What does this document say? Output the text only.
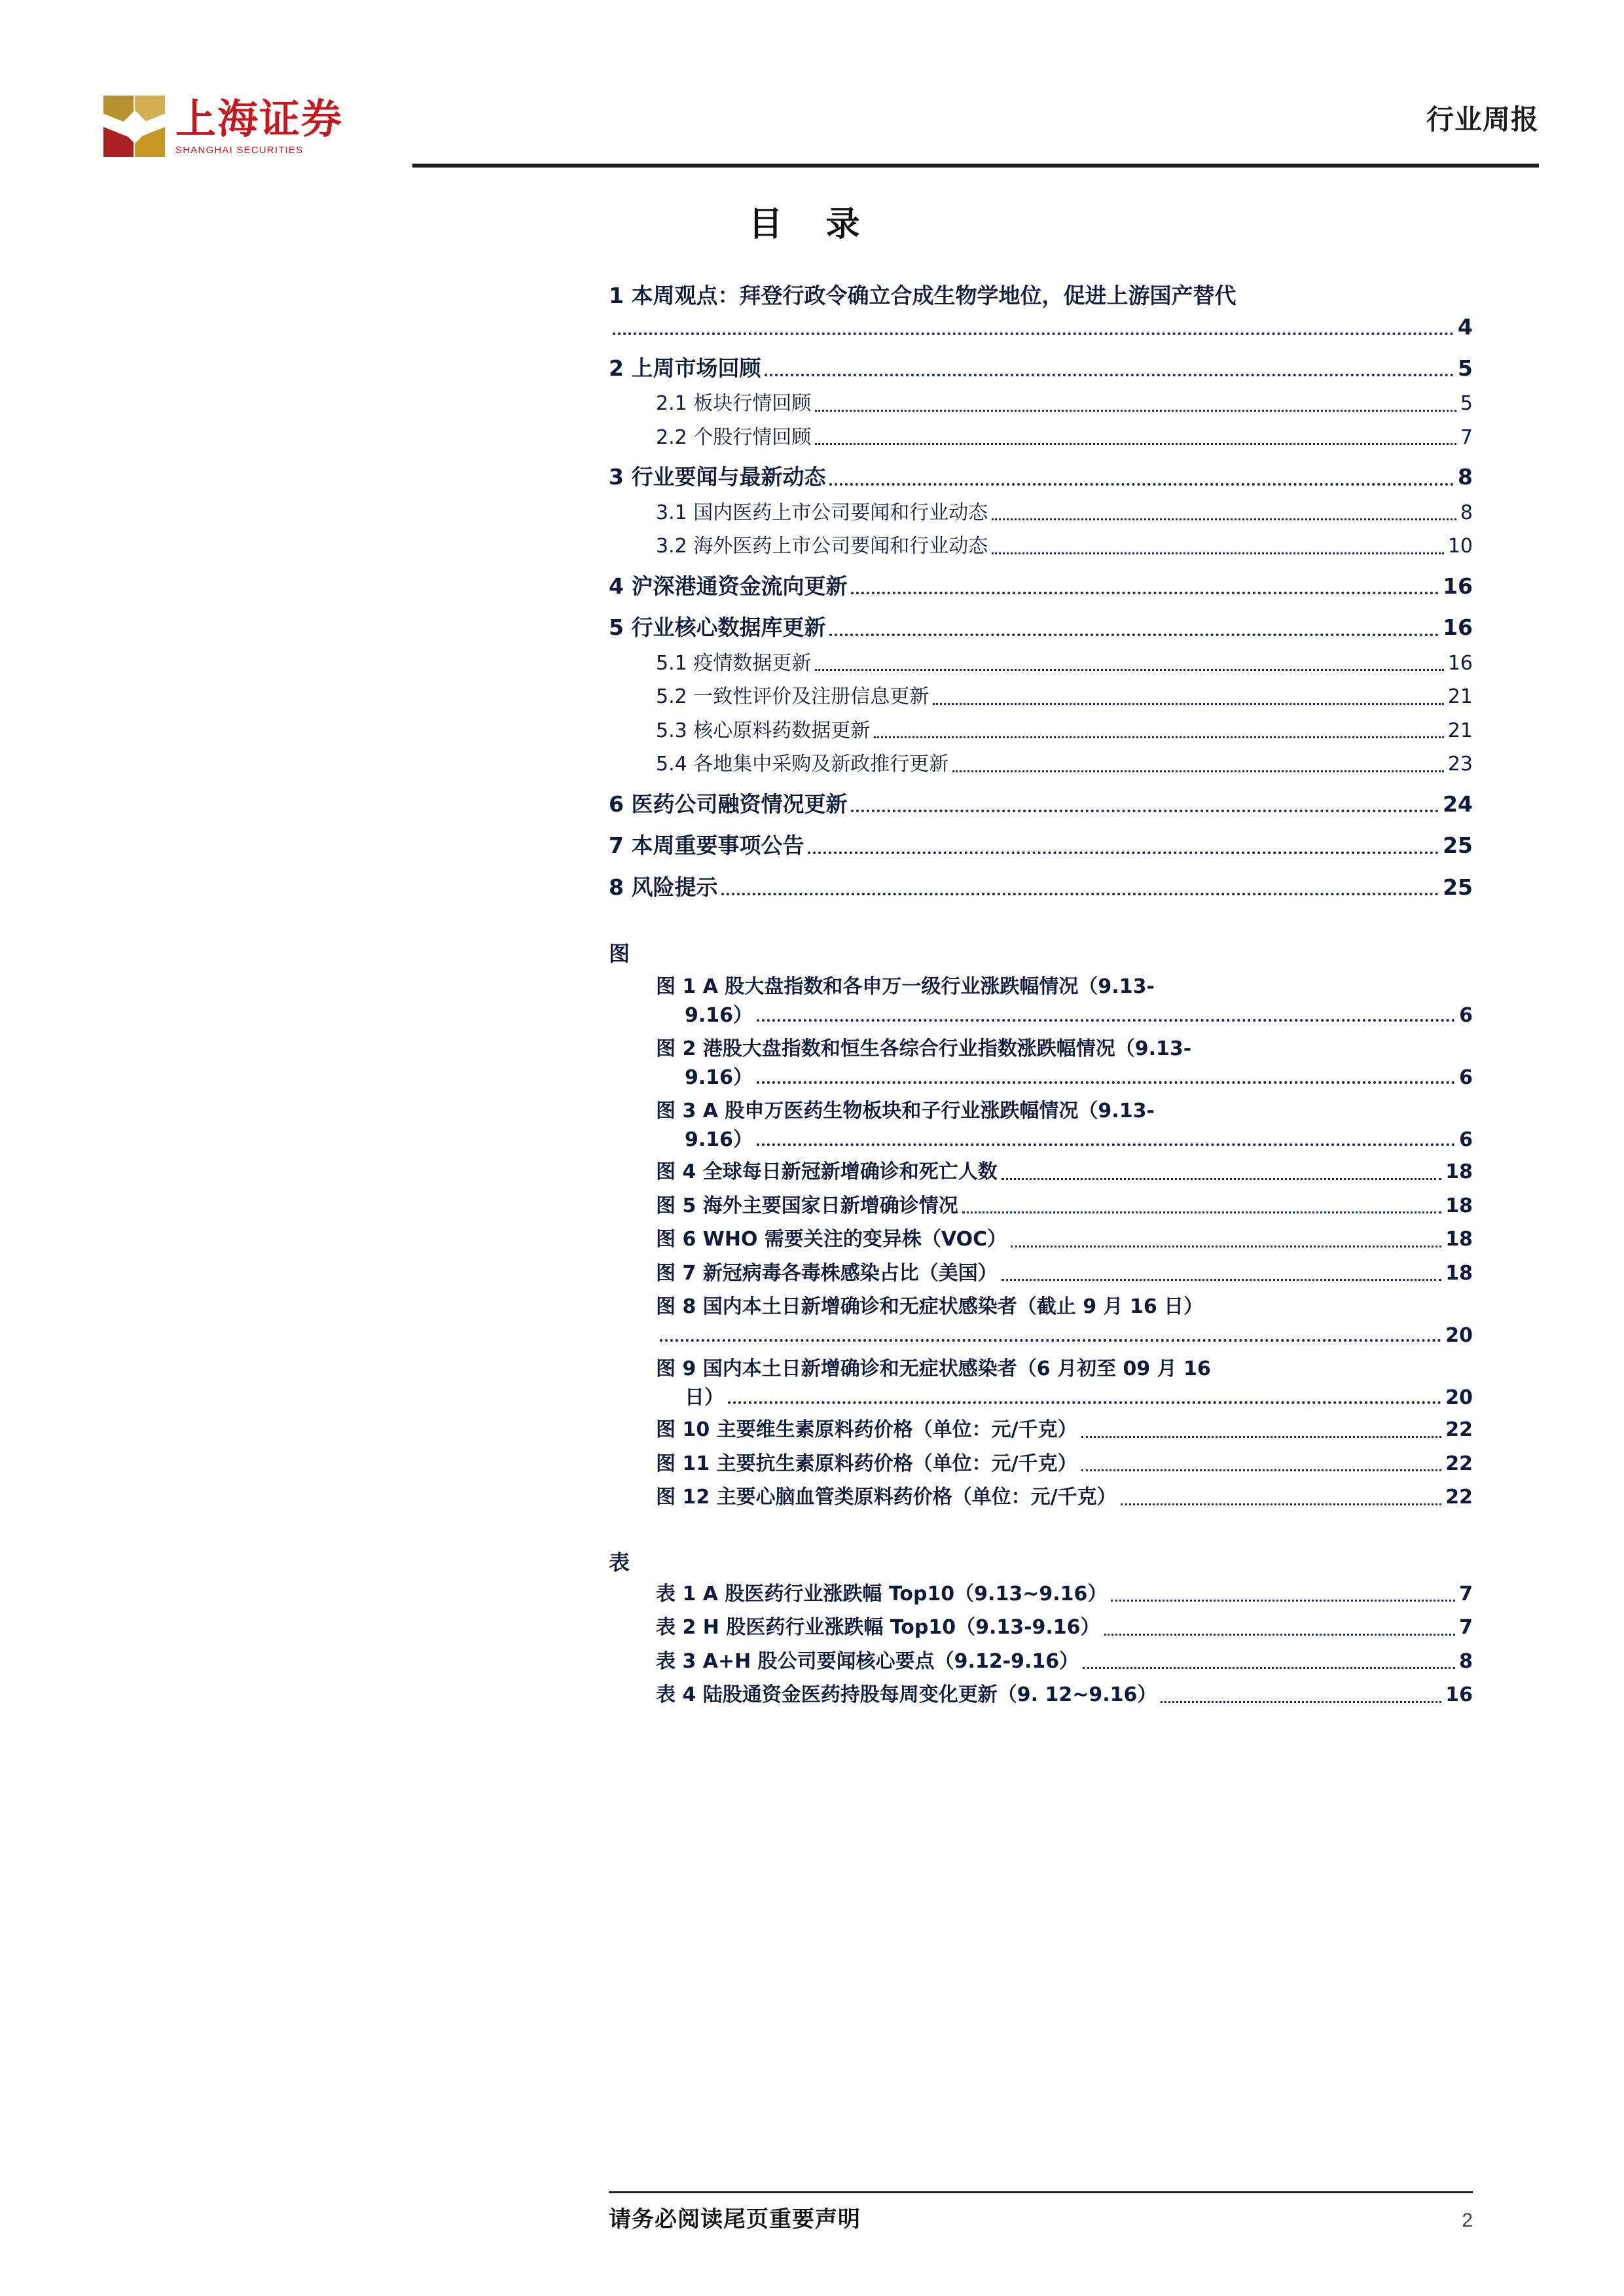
上海证券
SHANGHAI SECURITIES
行业周报
目 录
1 本周观点：拜登行政令确立合成生物学地位，促进上游国产替代
4
2 上周市场回顾	5
2.1 板块行情回顾	5
2.2 个股行情回顾	7
3 行业要闻与最新动态	8
3.1 国内医药上市公司要闻和行业动态	8
3.2 海外医药上市公司要闻和行业动态	10
4 沪深港通资金流向更新	16
5 行业核心数据库更新	16
5.1 疫情数据更新	16
5.2 一致性评价及注册信息更新	21
5.3 核心原料药数据更新	21
5.4 各地集中采购及新政推行更新	23
6 医药公司融资情况更新	24
7 本周重要事项公告	25
8 风险提示	25
图
图 1 A 股大盘指数和各申万一级行业涨跌幅情况（9.13-
9.16）	6
图 2 港股大盘指数和恒生各综合行业指数涨跌幅情况（9.13-
9.16）	6
图 3 A 股申万医药生物板块和子行业涨跌幅情况（9.13-
9.16）	6
图 4 全球每日新冠新增确诊和死亡人数	18
图 5 海外主要国家日新增确诊情况	18
图 6 WHO 需要关注的变异株（VOC）	18
图 7 新冠病毒各毒株感染占比（美国）	18
图 8 国内本土日新增确诊和无症状感染者（截止 9 月 16 日）
20
图 9 国内本土日新增确诊和无症状感染者（6 月初至 09 月 16
日）	20
图 10 主要维生素原料药价格（单位：元/千克）	22
图 11 主要抗生素原料药价格（单位：元/千克）	22
图 12 主要心脑血管类原料药价格（单位：元/千克）	22
表
表 1 A 股医药行业涨跌幅 Top10（9.13~9.16）	7
表 2 H 股医药行业涨跌幅 Top10（9.13-9.16）	7
表 3 A+H 股公司要闻核心要点（9.12-9.16）	8
表 4 陆股通资金医药持股每周变化更新（9. 12~9.16）	16
请务必阅读尾页重要声明	2
